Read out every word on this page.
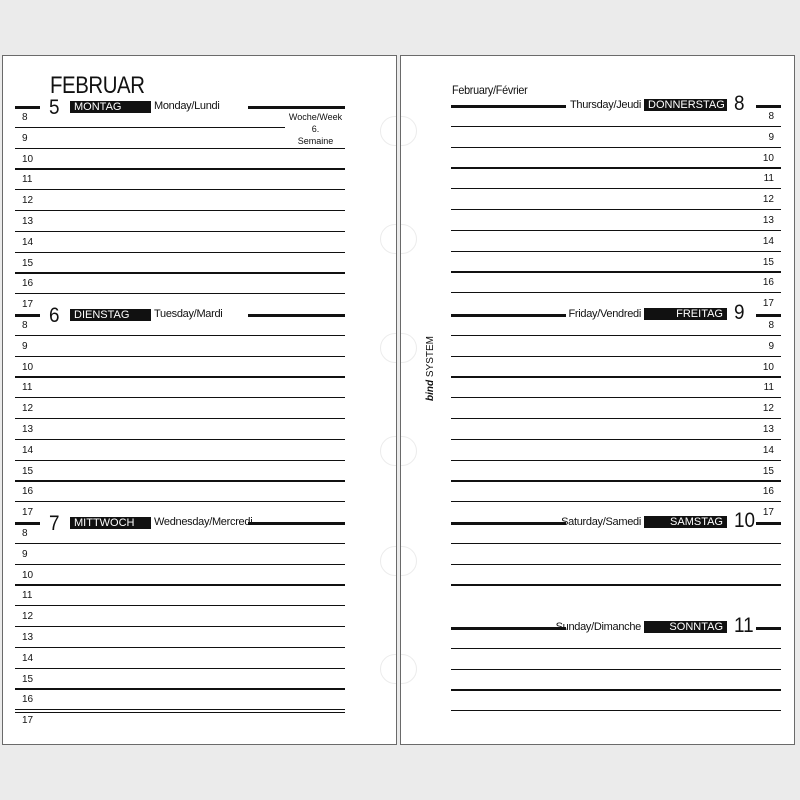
FEBRUAR
Woche/Week
6.
Semaine
5	MONTAG	Monday/Lundi
8
9
10
11
12
13
14
15
16
17 6	DIENSTAG	Tuesday/Mardi
8
9
10
11
12
13
14
15
16
17 7	MITTWOCH	Wednesday/Mercredi
8
9
10
11
12
13
14
15
16
17
February/Février
bind SYSTEM
DONNERSTAG
Thursday/Jeudi	8
8
9
10
11
12
13
14
15
16
17
FREITAG
Friday/Vendredi	9
8
9
10
11
12
13
14
15
16
17
SAMSTAG
Saturday/Samedi	10
SONNTAG
Sunday/Dimanche	11
